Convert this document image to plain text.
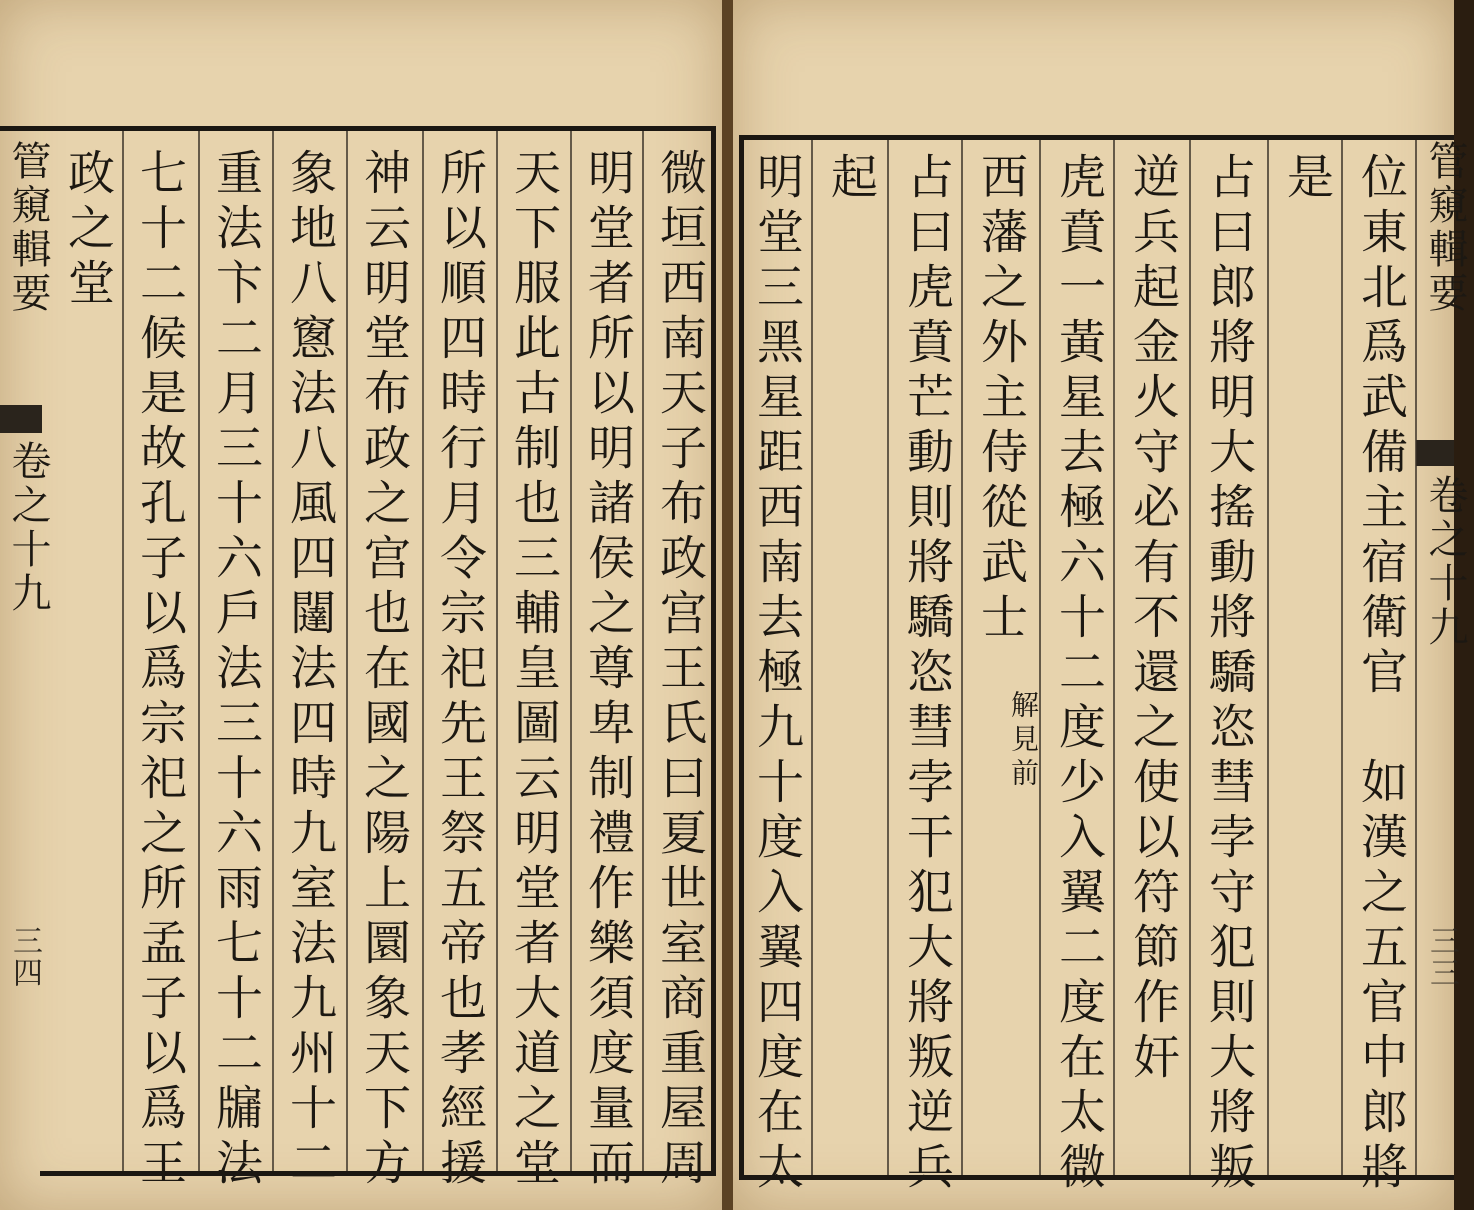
管窺輯要
卷之十九
三四	微垣西南天子布政宫王氏曰夏世室商重屋周
明堂者所以明諸侯之尊卑制禮作樂須度量而
天下服此古制也三輔皇圖云明堂者大道之堂
所以順四時行月令宗祀先王祭五帝也孝經援
神云明堂布政之宫也在國之陽上圜象天下方
象地八窻法八風四闥法四時九室法九州十二
重法卞二月三十六戶法三十六雨七十二牖法
七十二候是故孔子以爲宗祀之所孟子以爲王
政之堂	管窺輯要
卷之十九
三三
位東北爲武備主宿衛官　如漢之五官中郎將
是
占曰郎將明大搖動將驕恣彗孛守犯則大將叛
逆兵起金火守必有不還之使以符節作奸
虎賁一黃星去極六十二度少入翼二度在太微
西藩之外主侍從武士
解見前
占曰虎賁芒動則將驕恣彗孛干犯大將叛逆兵
起
明堂三黑星距西南去極九十度入翼四度在太
